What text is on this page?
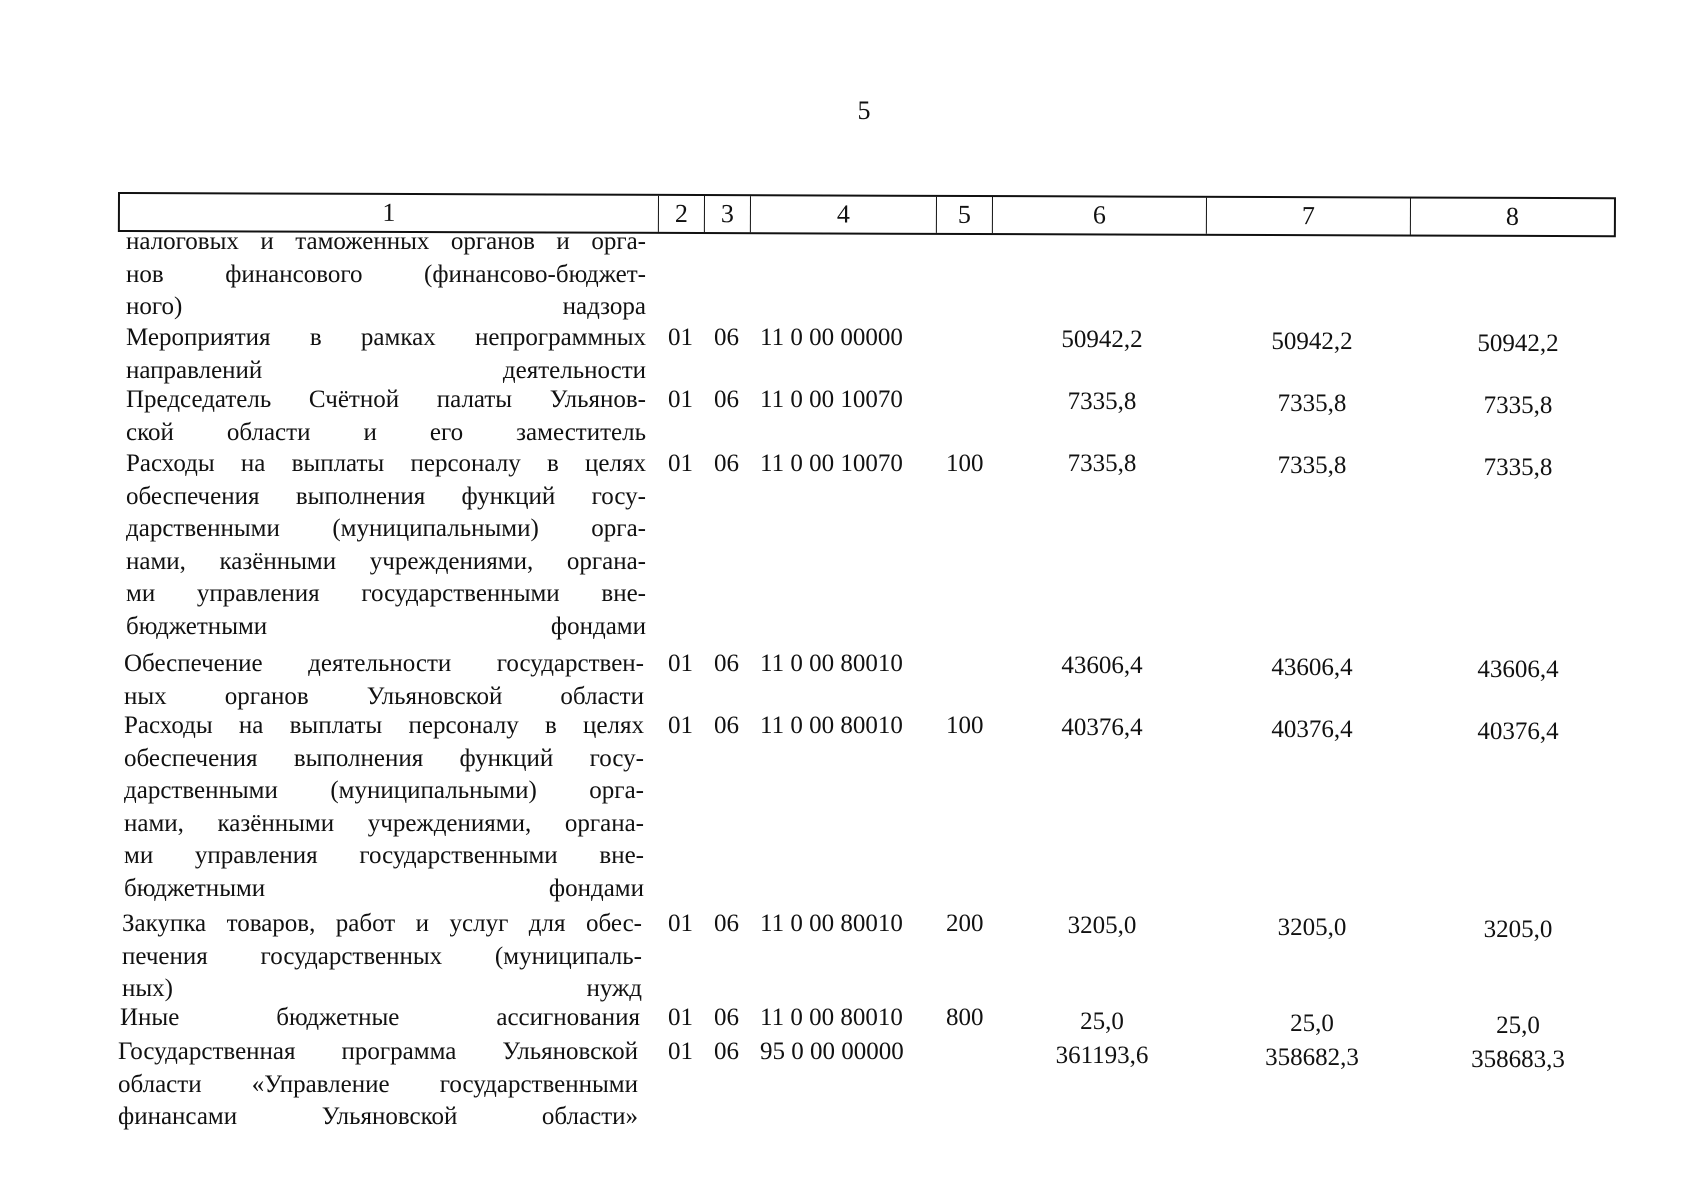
5
1	2	3	4	5	6	7	8
налоговых и таможенных органов и орга-
нов финансового (финансово-бюджет-
ного) надзора
Мероприятия в рамках непрограммных
направлений деятельности
01 06 11 0 00 00000	50942,2	50942,2	50942,2
Председатель Счётной палаты Ульянов-
ской области и его заместитель
01 06 11 0 00 10070	7335,8	7335,8	7335,8
Расходы на выплаты персоналу в целях
обеспечения выполнения функций госу-
дарственными (муниципальными) орга-
нами, казёнными учреждениями, органа-
ми управления государственными вне-
бюджетными фондами
01 06 11 0 00 10070 100	7335,8	7335,8	7335,8
Обеспечение деятельности государствен-
ных органов Ульяновской области
01 06 11 0 00 80010	43606,4	43606,4	43606,4
Расходы на выплаты персоналу в целях
обеспечения выполнения функций госу-
дарственными (муниципальными) орга-
нами, казёнными учреждениями, органа-
ми управления государственными вне-
бюджетными фондами
01 06 11 0 00 80010 100	40376,4	40376,4	40376,4
Закупка товаров, работ и услуг для обес-
печения государственных (муниципаль-
ных) нужд
01 06 11 0 00 80010 200	3205,0	3205,0	3205,0
Иные бюджетные ассигнования 01 06 11 0 00 80010 800	25,0	25,0	25,0
Государственная программа Ульяновской
области «Управление государственными
финансами Ульяновской области»
01 06 95 0 00 00000	361193,6	358682,3	358683,3
